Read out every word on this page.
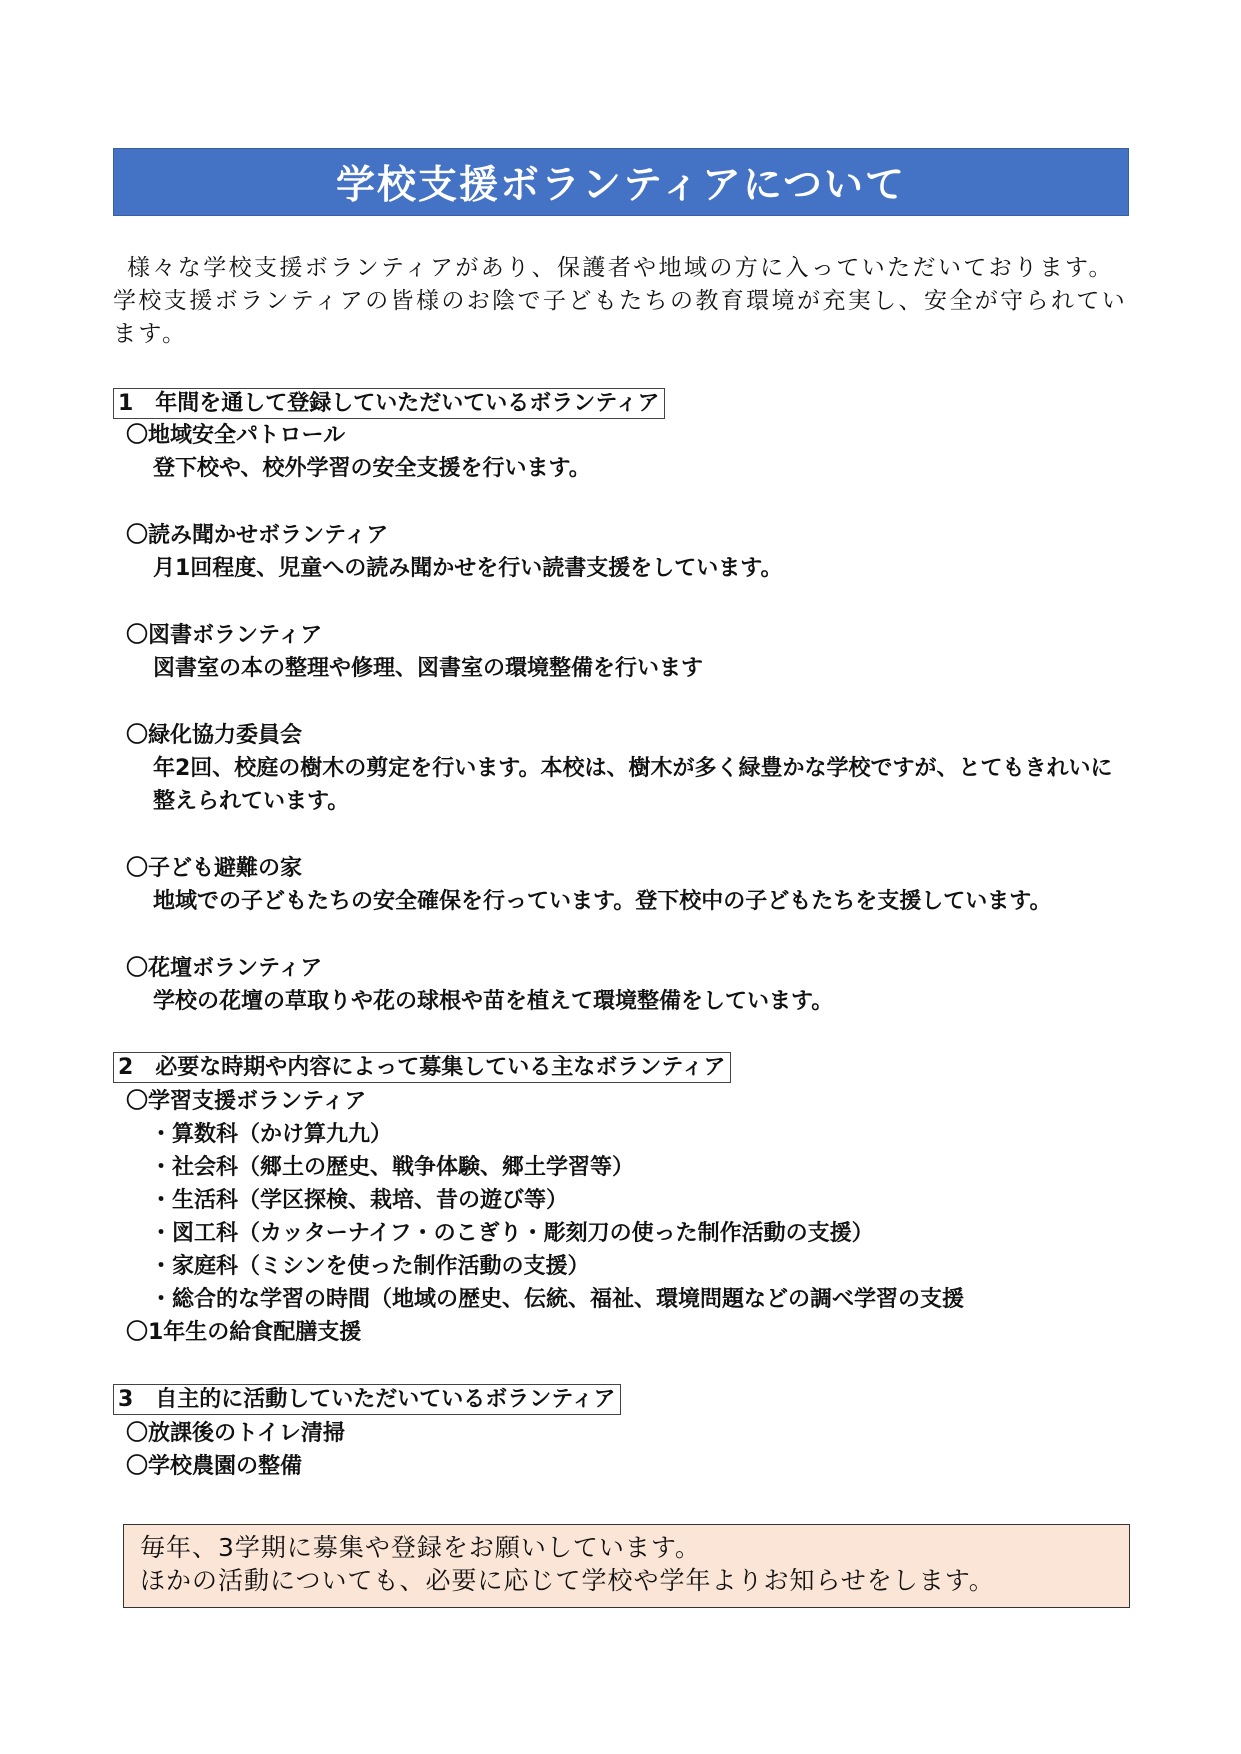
学校支援ボランティアについて

様々な学校支援ボランティアがあり、保護者や地域の方に入っていただいております。学校支援ボランティアの皆様のお陰で子どもたちの教育環境が充実し、安全が守られています。

1　年間を通して登録していただいているボランティア
〇地域安全パトロール

登下校や、校外学習の安全支援を行います。

〇読み聞かせボランティア

月1回程度、児童への読み聞かせを行い読書支援をしています。

〇図書ボランティア

図書室の本の整理や修理、図書室の環境整備を行います

〇緑化協力委員会

年2回、校庭の樹木の剪定を行います。本校は、樹木が多く緑豊かな学校ですが、とてもきれいに整えられています。

〇子ども避難の家

地域での子どもたちの安全確保を行っています。登下校中の子どもたちを支援しています。

〇花壇ボランティア

学校の花壇の草取りや花の球根や苗を植えて環境整備をしています。

2　必要な時期や内容によって募集している主なボランティア
〇学習支援ボランティア
・算数科（かけ算九九）
・社会科（郷土の歴史、戦争体験、郷土学習等）
・生活科（学区探検、栽培、昔の遊び等）
・図工科（カッターナイフ・のこぎり・彫刻刀の使った制作活動の支援）
・家庭科（ミシンを使った制作活動の支援）
・総合的な学習の時間（地域の歴史、伝統、福祉、環境問題などの調べ学習の支援
〇1年生の給食配膳支援
3　自主的に活動していただいているボランティア
〇放課後のトイレ清掃
〇学校農園の整備
毎年、3学期に募集や登録をお願いしています。
ほかの活動についても、必要に応じて学校や学年よりお知らせをします。
